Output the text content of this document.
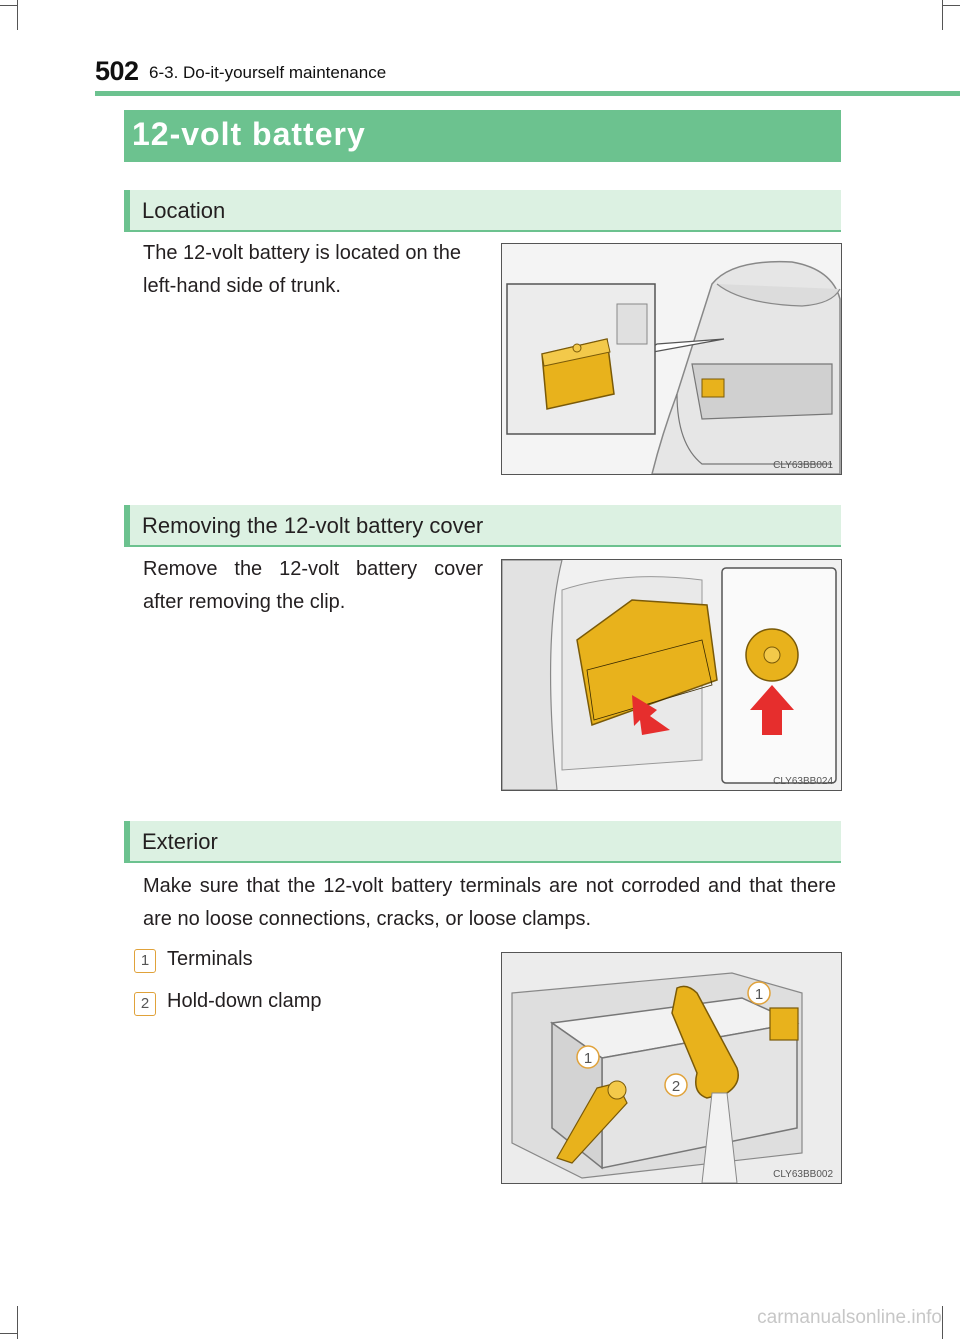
502 6-3. Do-it-yourself maintenance
12-volt battery
Location
The 12-volt battery is located on the left-hand side of trunk.
CLY63BB001
Removing the 12-volt battery cover
Remove the 12-volt battery cover after removing the clip.
CLY63BB024
Exterior
Make sure that the 12-volt battery terminals are not corroded and that there are no loose connections, cracks, or loose clamps.
1 Terminals
2 Hold-down clamp	1
1
2
CLY63BB002
carmanualsonline.info
